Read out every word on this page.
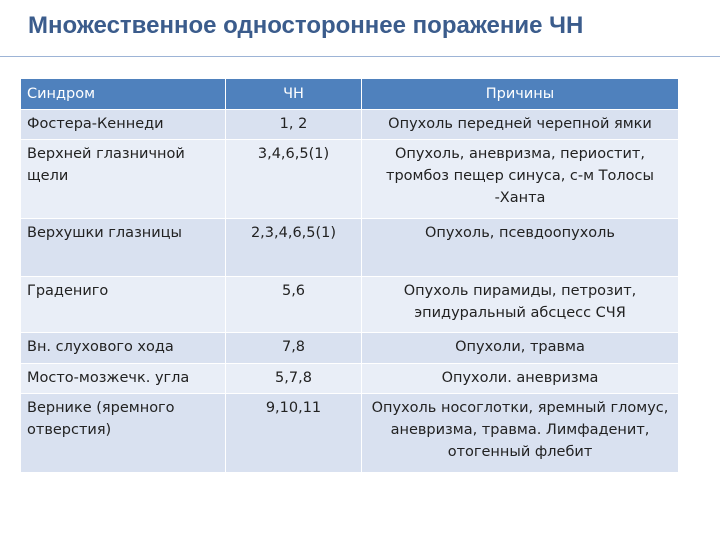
Множественное одностороннее поражение ЧН
Синдром	ЧН	Причины
Фостера-Кеннеди	1, 2	Опухоль передней черепной ямки
Верхней глазничной щели	3,4,6,5(1)	Опухоль, аневризма, периостит, тромбоз пещер синуса, с-м Толосы -Ханта
Верхушки глазницы	2,3,4,6,5(1)	Опухоль, псевдоопухоль
Градениго	5,6	Опухоль пирамиды, петрозит, эпидуральный абсцесс СЧЯ
Вн. слухового хода	7,8	Опухоли, травма
Мосто-мозжечк. угла	5,7,8	Опухоли. аневризма
Вернике (яремного отверстия)	9,10,11	Опухоль носоглотки, яремный гломус, аневризма, травма. Лимфаденит, отогенный флебит
